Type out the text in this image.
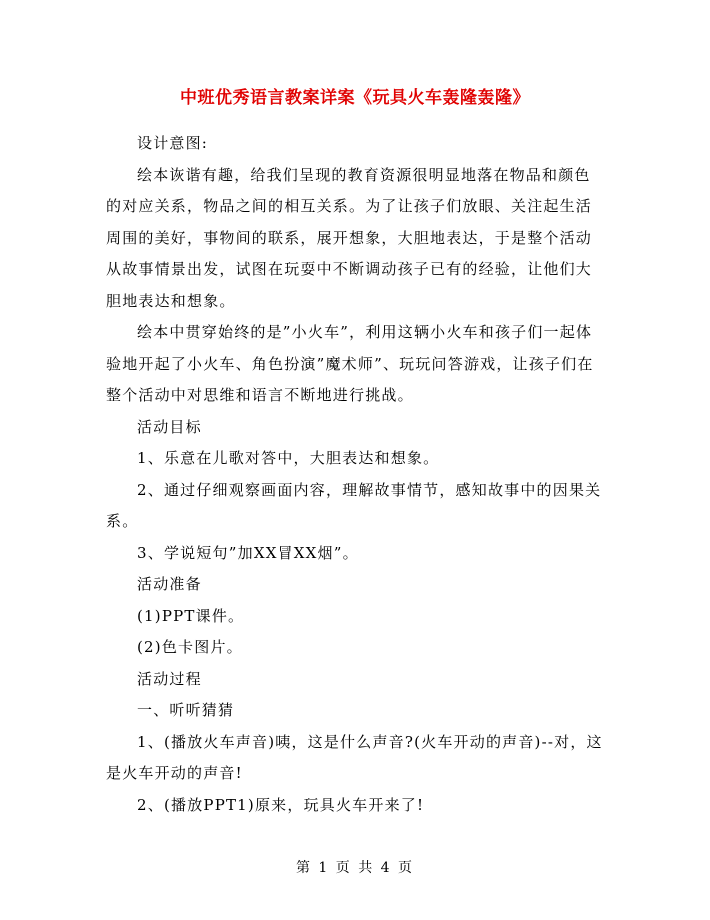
中班优秀语言教案详案《玩具火车轰隆轰隆》

设计意图:

绘本诙谐有趣，给我们呈现的教育资源很明显地落在物品和颜色的对应关系，物品之间的相互关系。为了让孩子们放眼、关注起生活周围的美好，事物间的联系，展开想象，大胆地表达，于是整个活动从故事情景出发，试图在玩耍中不断调动孩子已有的经验，让他们大胆地表达和想象。

绘本中贯穿始终的是”小火车”，利用这辆小火车和孩子们一起体验地开起了小火车、角色扮演”魔术师”、玩玩问答游戏，让孩子们在整个活动中对思维和语言不断地进行挑战。

活动目标

1、乐意在儿歌对答中，大胆表达和想象。

2、通过仔细观察画面内容，理解故事情节，感知故事中的因果关系。

3、学说短句”加XX冒XX烟”。

活动准备

(1)PPT课件。

(2)色卡图片。

活动过程

一、听听猜猜

1、(播放火车声音)咦，这是什么声音?(火车开动的声音)--对，这是火车开动的声音!

2、(播放PPT1)原来，玩具火车开来了!

第 1 页 共 4 页
